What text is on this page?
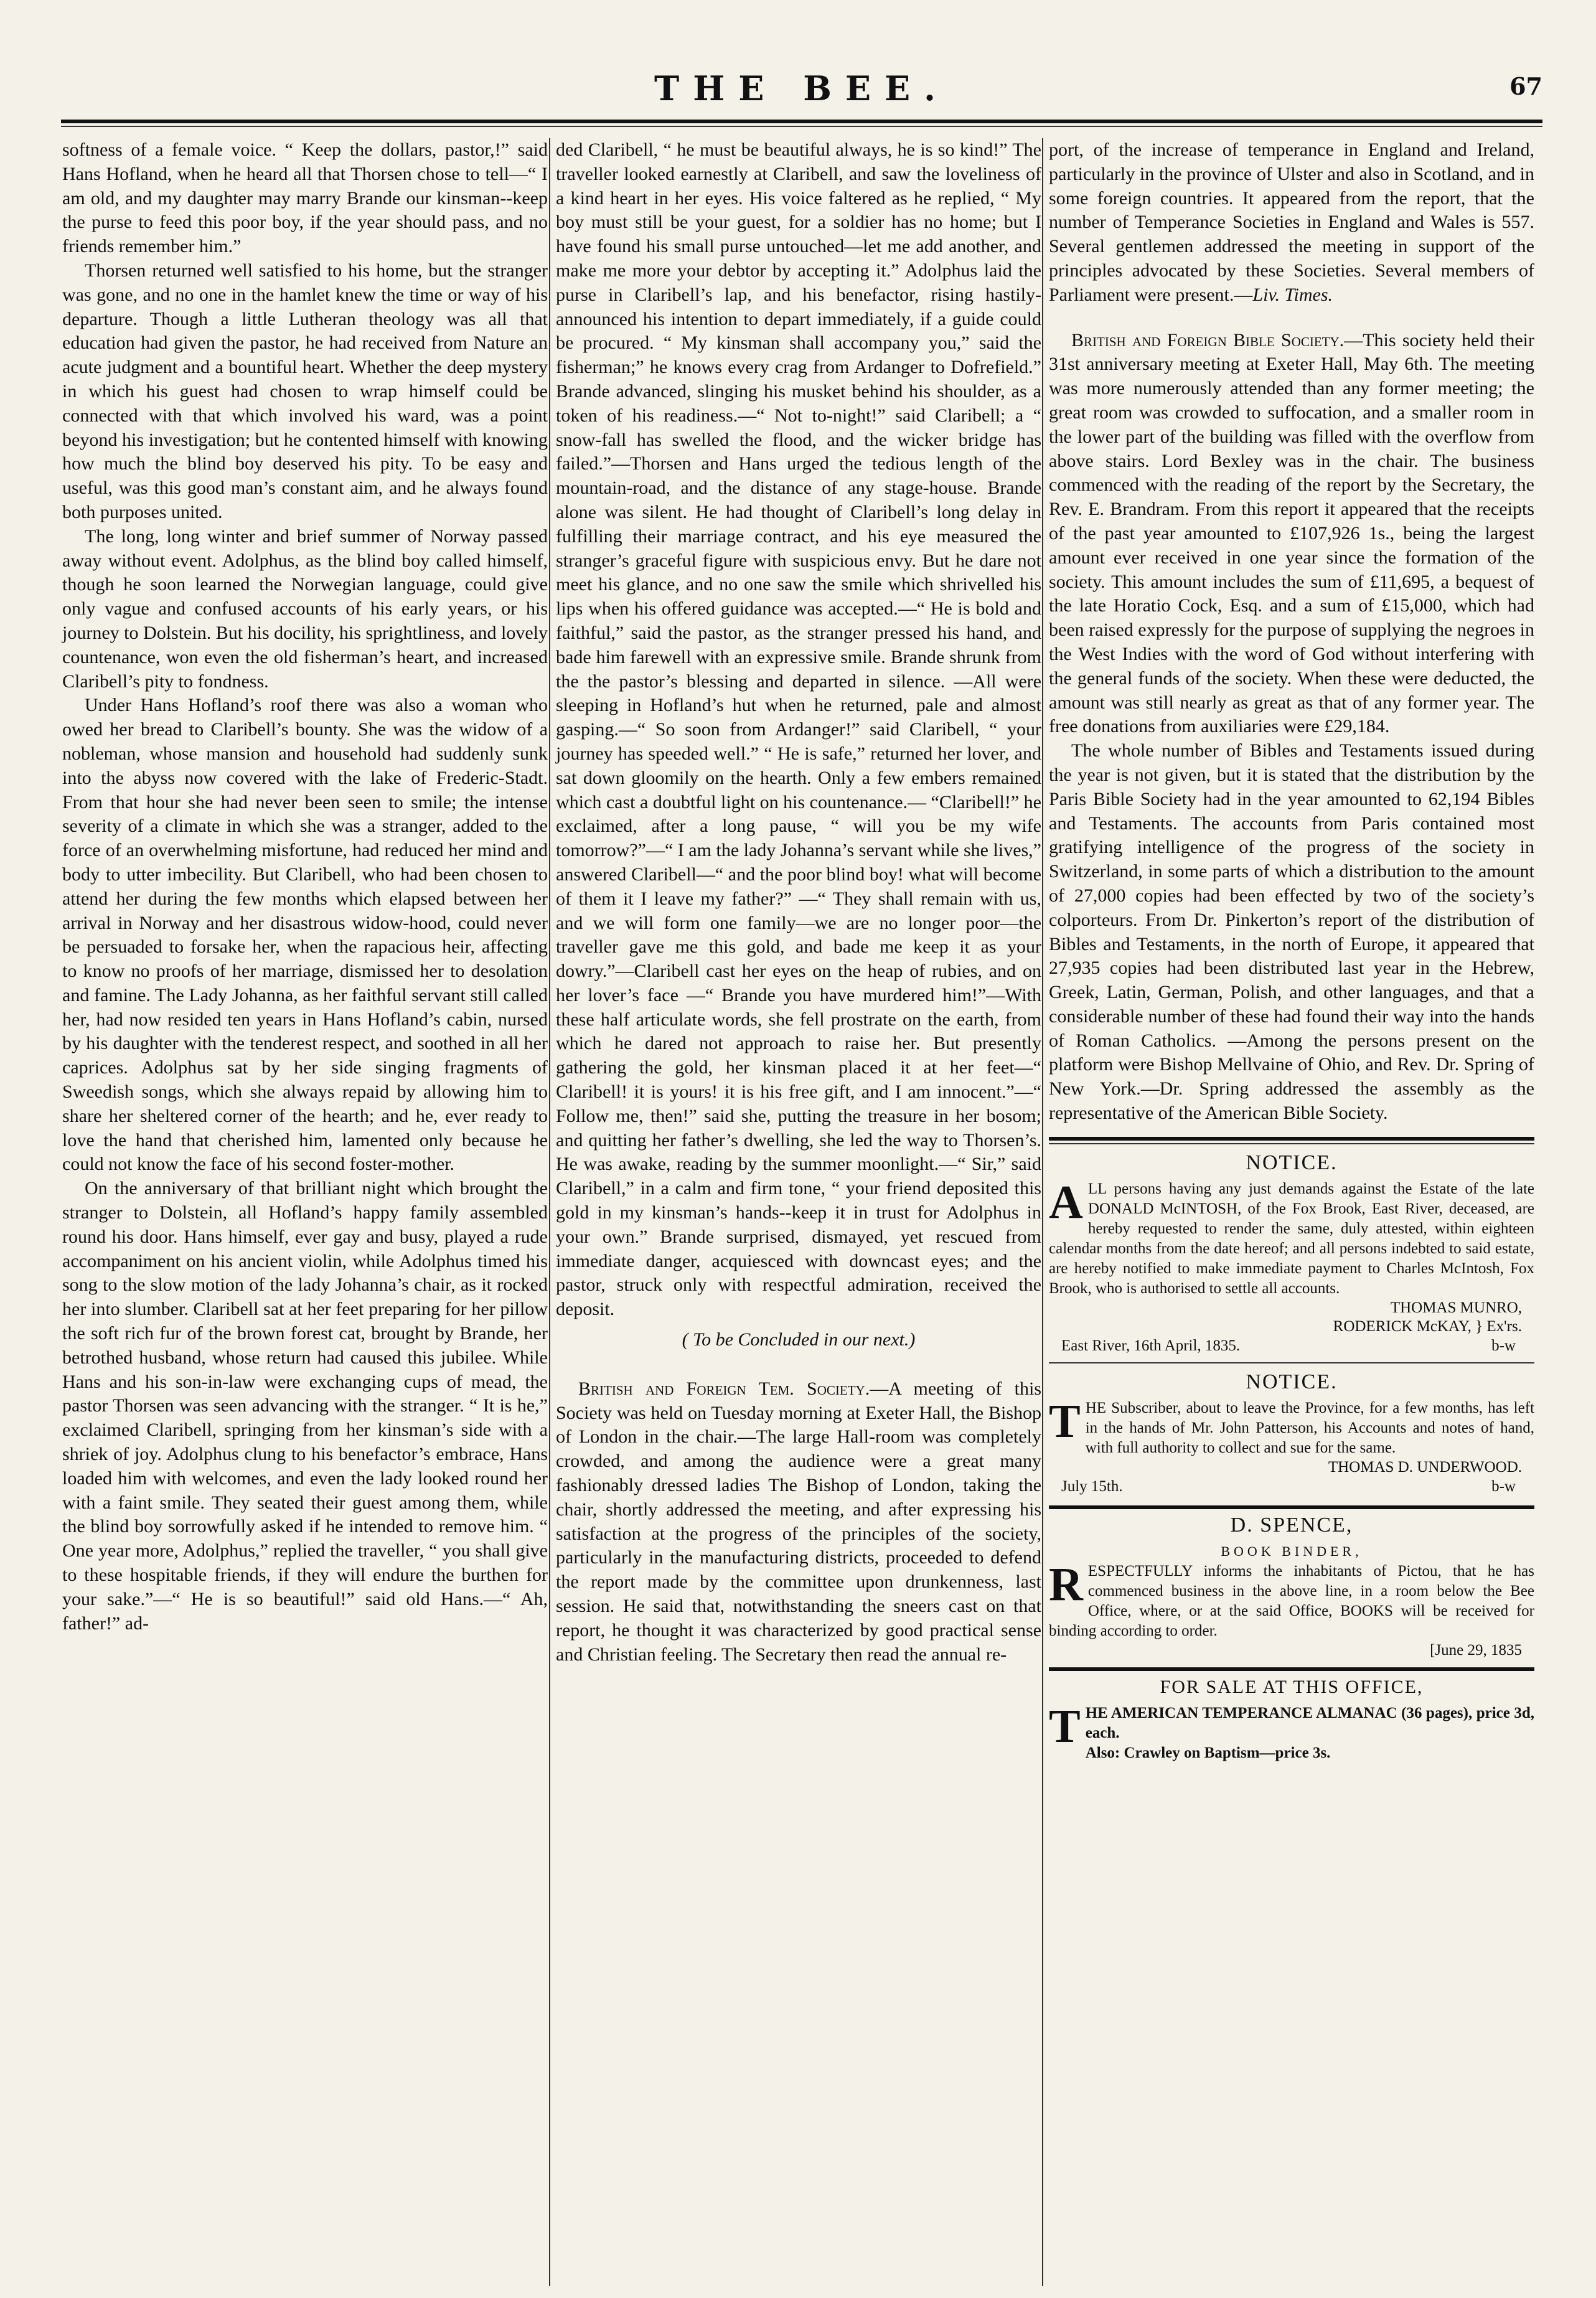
THE BEE.	67

softness of a female voice. “ Keep the dollars, pastor,!” said Hans Hofland, when he heard all that Thorsen chose to tell—“ I am old, and my daughter may marry Brande our kinsman--keep the purse to feed this poor boy, if the year should pass, and no friends remember him.”

Thorsen returned well satisfied to his home, but the stranger was gone, and no one in the hamlet knew the time or way of his departure. Though a little Lutheran theology was all that education had given the pastor, he had received from Nature an acute judgment and a bountiful heart. Whether the deep mystery in which his guest had chosen to wrap himself could be connected with that which involved his ward, was a point beyond his investigation; but he contented himself with knowing how much the blind boy deserved his pity. To be easy and useful, was this good man’s constant aim, and he always found both purposes united.

The long, long winter and brief summer of Norway passed away without event. Adolphus, as the blind boy called himself, though he soon learned the Norwegian language, could give only vague and confused accounts of his early years, or his journey to Dolstein. But his docility, his sprightliness, and lovely countenance, won even the old fisherman’s heart, and increased Claribell’s pity to fondness.

Under Hans Hofland’s roof there was also a woman who owed her bread to Claribell’s bounty. She was the widow of a nobleman, whose mansion and household had suddenly sunk into the abyss now covered with the lake of Frederic-Stadt. From that hour she had never been seen to smile; the intense severity of a climate in which she was a stranger, added to the force of an overwhelming misfortune, had reduced her mind and body to utter imbecility. But Claribell, who had been chosen to attend her during the few months which elapsed between her arrival in Norway and her disastrous widow-hood, could never be persuaded to forsake her, when the rapacious heir, affecting to know no proofs of her marriage, dismissed her to desolation and famine. The Lady Johanna, as her faithful servant still called her, had now resided ten years in Hans Hofland’s cabin, nursed by his daughter with the tenderest respect, and soothed in all her caprices. Adolphus sat by her side singing fragments of Sweedish songs, which she always repaid by allowing him to share her sheltered corner of the hearth; and he, ever ready to love the hand that cherished him, lamented only because he could not know the face of his second foster-mother.

On the anniversary of that brilliant night which brought the stranger to Dolstein, all Hofland’s happy family assembled round his door. Hans himself, ever gay and busy, played a rude accompaniment on his ancient violin, while Adolphus timed his song to the slow motion of the lady Johanna’s chair, as it rocked her into slumber. Claribell sat at her feet preparing for her pillow the soft rich fur of the brown forest cat, brought by Brande, her betrothed husband, whose return had caused this jubilee. While Hans and his son-in-law were exchanging cups of mead, the pastor Thorsen was seen advancing with the stranger. “ It is he,” exclaimed Claribell, springing from her kinsman’s side with a shriek of joy. Adolphus clung to his benefactor’s embrace, Hans loaded him with welcomes, and even the lady looked round her with a faint smile. They seated their guest among them, while the blind boy sorrowfully asked if he intended to remove him. “ One year more, Adolphus,” replied the traveller, “ you shall give to these hospitable friends, if they will endure the burthen for your sake.”—“ He is so beautiful!” said old Hans.—“ Ah, father!” ad-

ded Claribell, “ he must be beautiful always, he is so kind!” The traveller looked earnestly at Claribell, and saw the loveliness of a kind heart in her eyes. His voice faltered as he replied, “ My boy must still be your guest, for a soldier has no home; but I have found his small purse untouched—let me add another, and make me more your debtor by accepting it.” Adolphus laid the purse in Claribell’s lap, and his benefactor, rising hastily-announced his intention to depart immediately, if a guide could be procured. “ My kinsman shall accompany you,” said the fisherman;” he knows every crag from Ardanger to Dofrefield.” Brande advanced, slinging his musket behind his shoulder, as a token of his readiness.—“ Not to-night!” said Claribell; a “ snow-fall has swelled the flood, and the wicker bridge has failed.”—Thorsen and Hans urged the tedious length of the mountain-road, and the distance of any stage-house. Brande alone was silent. He had thought of Claribell’s long delay in fulfilling their marriage contract, and his eye measured the stranger’s graceful figure with suspicious envy. But he dare not meet his glance, and no one saw the smile which shrivelled his lips when his offered guidance was accepted.—“ He is bold and faithful,” said the pastor, as the stranger pressed his hand, and bade him farewell with an expressive smile. Brande shrunk from the the pastor’s blessing and departed in silence. —All were sleeping in Hofland’s hut when he returned, pale and almost gasping.—“ So soon from Ardanger!” said Claribell, “ your journey has speeded well.” “ He is safe,” returned her lover, and sat down gloomily on the hearth. Only a few embers remained which cast a doubtful light on his countenance.— “Claribell!” he exclaimed, after a long pause, “ will you be my wife tomorrow?”—“ I am the lady Johanna’s servant while she lives,” answered Claribell—“ and the poor blind boy! what will become of them it I leave my father?” —“ They shall remain with us, and we will form one family—we are no longer poor—the traveller gave me this gold, and bade me keep it as your dowry.”—Claribell cast her eyes on the heap of rubies, and on her lover’s face —“ Brande you have murdered him!”—With these half articulate words, she fell prostrate on the earth, from which he dared not approach to raise her. But presently gathering the gold, her kinsman placed it at her feet—“ Claribell! it is yours! it is his free gift, and I am innocent.”—“ Follow me, then!” said she, putting the treasure in her bosom; and quitting her father’s dwelling, she led the way to Thorsen’s. He was awake, reading by the summer moonlight.—“ Sir,” said Claribell,” in a calm and firm tone, “ your friend deposited this gold in my kinsman’s hands--keep it in trust for Adolphus in your own.” Brande surprised, dismayed, yet rescued from immediate danger, acquiesced with downcast eyes; and the pastor, struck only with respectful admiration, received the deposit.

( To be Concluded in our next.)

British and Foreign Tem. Society.—A meeting of this Society was held on Tuesday morning at Exeter Hall, the Bishop of London in the chair.—The large Hall-room was completely crowded, and among the audience were a great many fashionably dressed ladies The Bishop of London, taking the chair, shortly addressed the meeting, and after expressing his satisfaction at the progress of the principles of the society, particularly in the manufacturing districts, proceeded to defend the report made by the committee upon drunkenness, last session. He said that, notwithstanding the sneers cast on that report, he thought it was characterized by good practical sense and Christian feeling. The Secretary then read the annual re-

port, of the increase of temperance in England and Ireland, particularly in the province of Ulster and also in Scotland, and in some foreign countries. It appeared from the report, that the number of Temperance Societies in England and Wales is 557. Several gentlemen addressed the meeting in support of the principles advocated by these Societies. Several members of Parliament were present.—Liv. Times.

British and Foreign Bible Society.—This society held their 31st anniversary meeting at Exeter Hall, May 6th. The meeting was more numerously attended than any former meeting; the great room was crowded to suffocation, and a smaller room in the lower part of the building was filled with the overflow from above stairs. Lord Bexley was in the chair. The business commenced with the reading of the report by the Secretary, the Rev. E. Brandram. From this report it appeared that the receipts of the past year amounted to £107,926 1s., being the largest amount ever received in one year since the formation of the society. This amount includes the sum of £11,695, a bequest of the late Horatio Cock, Esq. and a sum of £15,000, which had been raised expressly for the purpose of supplying the negroes in the West Indies with the word of God without interfering with the general funds of the society. When these were deducted, the amount was still nearly as great as that of any former year. The free donations from auxiliaries were £29,184.

The whole number of Bibles and Testaments issued during the year is not given, but it is stated that the distribution by the Paris Bible Society had in the year amounted to 62,194 Bibles and Testaments. The accounts from Paris contained most gratifying intelligence of the progress of the society in Switzerland, in some parts of which a distribution to the amount of 27,000 copies had been effected by two of the society’s colporteurs. From Dr. Pinkerton’s report of the distribution of Bibles and Testaments, in the north of Europe, it appeared that 27,935 copies had been distributed last year in the Hebrew, Greek, Latin, German, Polish, and other languages, and that a considerable number of these had found their way into the hands of Roman Catholics. —Among the persons present on the platform were Bishop Mellvaine of Ohio, and Rev. Dr. Spring of New York.—Dr. Spring addressed the assembly as the representative of the American Bible Society.

NOTICE.
ALL persons having any just demands against the Estate of the late DONALD McINTOSH, of the Fox Brook, East River, deceased, are hereby requested to render the same, duly attested, within eighteen calendar months from the date hereof; and all persons indebted to said estate, are hereby notified to make immediate payment to Charles McIntosh, Fox Brook, who is authorised to settle all accounts.
THOMAS MUNRO,
RODERICK McKAY, } Ex'rs.
East River, 16th April, 1835.	b-w
NOTICE.
THE Subscriber, about to leave the Province, for a few months, has left in the hands of Mr. John Patterson, his Accounts and notes of hand, with full authority to collect and sue for the same.
THOMAS D. UNDERWOOD.
July 15th.	b-w
D. SPENCE,
BOOK BINDER,
RESPECTFULLY informs the inhabitants of Pictou, that he has commenced business in the above line, in a room below the Bee Office, where, or at the said Office, BOOKS will be received for binding according to order.
[June 29, 1835
FOR SALE AT THIS OFFICE,
THE AMERICAN TEMPERANCE ALMANAC (36 pages), price 3d, each.
Also: Crawley on Baptism—price 3s.
